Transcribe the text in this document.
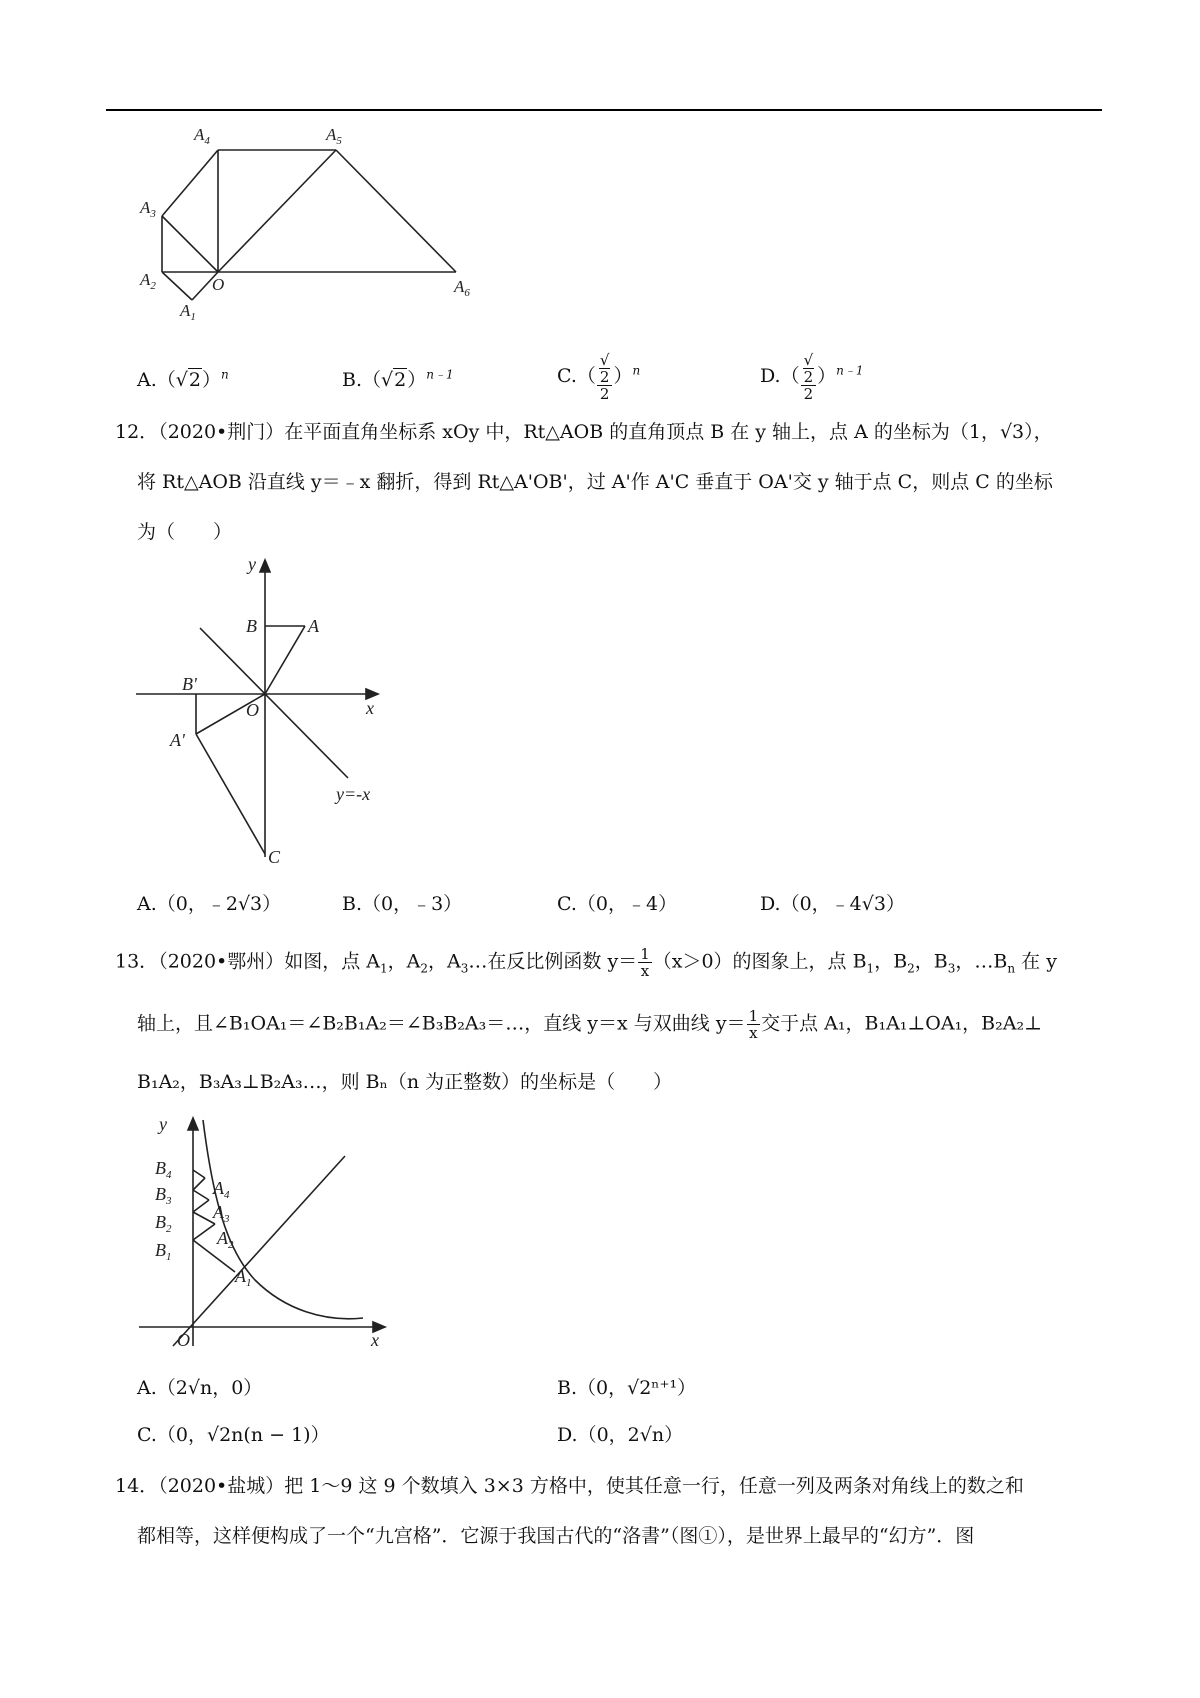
$A_4$	$A_5$
$A_3$
$A_2$	O	$A_6$
$A_1$
$A.(√2)^n$	$B.(√2)^{n﹣1}$	C.（ √
2
2 ）$^n$	D.（ √
2
2 ）$^{n﹣1}$
12．（2020•荆门）在平面直角坐标系 xOy 中，Rt△AOB 的直角顶点 B 在 y 轴上，点 A 的坐标为（1，√3），
将 Rt△AOB 沿直线 y＝﹣x 翻折，得到 Rt△A'OB'，过 A'作 A'C 垂直于 OA'交 y 轴于点 C，则点 C 的坐标
为（　　）
y
x
B	A
B'
O
A'
y=-x
C
A.（0，﹣2√3）	B.（0，﹣3）	C.（0，﹣4）	D.（0，﹣4√3）
13．（2020•鄂州）如图，点 $A_1$，$A_2$，$A_3\dots$在反比例函数 $y= \frac{1}{x} (x>0)$的图象上，点 $B_1$，$B_2$，$B_3$，$\dots B_n$ 在 y
轴上，且∠B₁OA₁＝∠B₂B₁A₂＝∠B₃B₂A₃＝…，直线 y＝x 与双曲线 $y= \frac{1}{x}$ 交于点 A₁，B₁A₁⊥OA₁，B₂A₂⊥
B₁A₂，B₃A₃⊥B₂A₃…，则 Bₙ（n 为正整数）的坐标是（　　）
y
x
O
$B_4$
$B_3$
$B_2$
$B_1$
$A_4$
$A_3$
$A_2$
$A_1$
A.（2√n，0）	B.（0，√2ⁿ⁺¹）
C.（0，√2n(n − 1)）	D.（0，2√n）
14．（2020•盐城）把 1～9 这 9 个数填入 3×3 方格中，使其任意一行，任意一列及两条对角线上的数之和
都相等，这样便构成了一个“九宫格”．它源于我国古代的“洛書”（图①），是世界上最早的“幻方”．图
